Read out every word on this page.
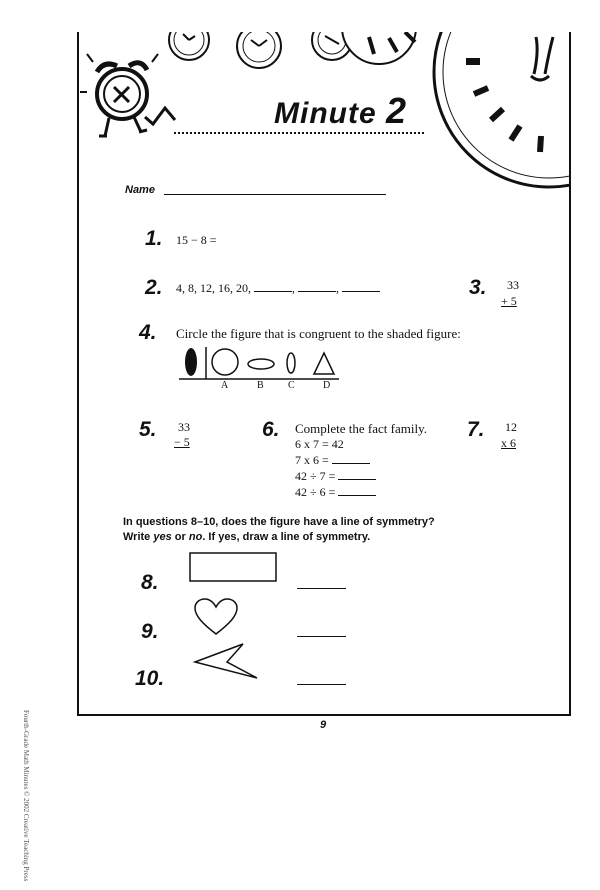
Fourth-Grade Math Minutes © 2002 Creative Teaching Press	9
Minute 2
Name
1. 15 − 8 =
2. 4, 8, 12, 16, 20,	,	,	3. 33
+ 5
4. Circle the figure that is congruent to the shaded figure:
A	B C	D
5. 33
− 5
6. Complete the fact family.
6 x 7 = 42
7 x 6 =
42 ÷ 7 =
42 ÷ 6 =
7. 12
x 6
In questions 8–10, does the figure have a line of symmetry?
Write yes or no. If yes, draw a line of symmetry.
8.
9.
10.
